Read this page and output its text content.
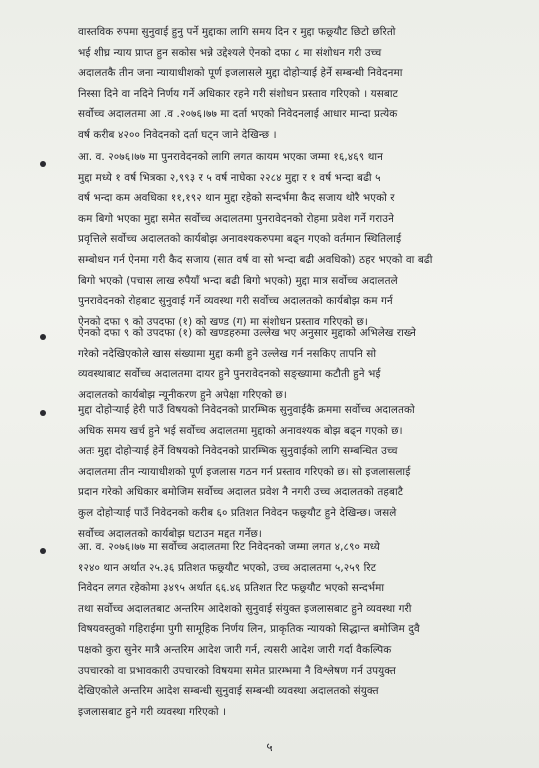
वास्तविक रुपमा सुनुवाई हुनु पर्ने मुद्दाका लागि समय दिन र मुद्दा फछ्र्यौट छिटो छरितो
भई शीघ्र न्याय प्राप्त हुन सकोस भन्ने उद्देश्यले ऐनको दफा ८ मा संशोधन गरी उच्च
अदालतकै तीन जना न्यायाधीशको पूर्ण इजलासले मुद्दा दोहोऱ्याई हेर्ने सम्बन्धी निवेदनमा
निस्सा दिने वा नदिने निर्णय गर्ने अधिकार रहने गरी संशोधन प्रस्ताव गरिएको । यसबाट
सर्वोच्च अदालतमा आ .व .२०७६।७७ मा दर्ता भएको निवेदनलाई आधार मान्दा प्रत्येक
वर्ष करीब ४२०० निवेदनको दर्ता घट्न जाने देखिन्छ ।
आ. व. २०७६।७७ मा पुनरावेदनको लागि लगत कायम भएका जम्मा १६,४६९ थान
मुद्दा मध्ये १ वर्ष भित्रका २,९९३ र ५ वर्ष नाघेका २२८४ मुद्दा र १ वर्ष भन्दा बढी ५
वर्ष भन्दा कम अवधिका ११,१९२ थान मुद्दा रहेको सन्दर्भमा कैद सजाय थोरै भएको र
कम बिगो भएका मुद्दा समेत सर्वोच्च अदालतमा पुनरावेदनको रोहमा प्रवेश गर्ने गराउने
प्रवृत्तिले सर्वोच्च अदालतको कार्यबोझ अनावश्यकरुपमा बढ्न गएको वर्तमान स्थितिलाई
सम्बोधन गर्न ऐनमा गरी कैद सजाय (सात वर्ष वा सो भन्दा बढी अवधिको) ठहर भएको वा बढी
बिगो भएको (पचास लाख रुपैयाँ भन्दा बढी बिगो भएको) मुद्दा मात्र सर्वोच्च अदालतले
पुनरावेदनको रोहबाट सुनुवाई गर्ने व्यवस्था गरी सर्वोच्च अदालतको कार्यबोझ कम गर्न
ऐनको दफा ९ को उपदफा (१) को खण्ड (ग) मा संशोधन प्रस्ताव गरिएको छ।
ऐनको दफा ९ को उपदफा (१) को खण्डहरुमा उल्लेख भए अनुसार मुद्दाको अभिलेख राख्ने
गरेको नदेखिएकोले खास संख्यामा मुद्दा कमी हुने उल्लेख गर्न नसकिए तापनि सो
व्यवस्थाबाट सर्वोच्च अदालतमा दायर हुने पुनरावेदनको सङ्ख्यामा कटौती हुने भई
अदालतको कार्यबोझ न्यूनीकरण हुने अपेक्षा गरिएको छ।
मुद्दा दोहोऱ्याई हेरी पाउँ विषयको निवेदनको प्रारम्भिक सुनुवाईकै क्रममा सर्वोच्च अदालतको
अधिक समय खर्च हुने भई सर्वोच्च अदालतमा मुद्दाको अनावश्यक बोझ बढ्न गएको छ।
अतः मुद्दा दोहोऱ्याई हेर्ने विषयको निवेदनको प्रारम्भिक सुनुवाईको लागि सम्बन्धित उच्च
अदालतमा तीन न्यायाधीशको पूर्ण इजलास गठन गर्न प्रस्ताव गरिएको छ। सो इजलासलाई
प्रदान गरेको अधिकार बमोजिम सर्वोच्च अदालत प्रवेश नै नगरी उच्च अदालतको तहबाटै
कुल दोहोऱ्याई पाउँ निवेदनको करीब ६० प्रतिशत निवेदन फछ्र्यौट हुने देखिन्छ। जसले
सर्वोच्च अदालतको कार्यबोझ घटाउन मद्दत गर्नेछ।
आ. व. २०७६।७७ मा सर्वोच्च अदालतमा रिट निवेदनको जम्मा लगत ४,८९० मध्ये
१२४० थान अर्थात २५.३६ प्रतिशत फछ्र्यौट भएको, उच्च अदालतमा ५,२५९ रिट
निवेदन लगत रहेकोमा ३४९५ अर्थात ६६.४६ प्रतिशत रिट फछ्र्यौट भएको सन्दर्भमा
तथा सर्वोच्च अदालतबाट अन्तरिम आदेशको सुनुवाई संयुक्त इजलासबाट हुने व्यवस्था गरी
विषयवस्तुको गहिराईमा पुगी सामूहिक निर्णय लिन, प्राकृतिक न्यायको सिद्धान्त बमोजिम दुवै
पक्षको कुरा सुनेर मात्रै अन्तरिम आदेश जारी गर्न, त्यसरी आदेश जारी गर्दा वैकल्पिक
उपचारको वा प्रभावकारी उपचारको विषयमा समेत प्रारम्भमा नै विश्लेषण गर्न उपयुक्त
देखिएकोले अन्तरिम आदेश सम्बन्धी सुनुवाई सम्बन्धी व्यवस्था अदालतको संयुक्त
इजलासबाट हुने गरी व्यवस्था गरिएको ।
५
